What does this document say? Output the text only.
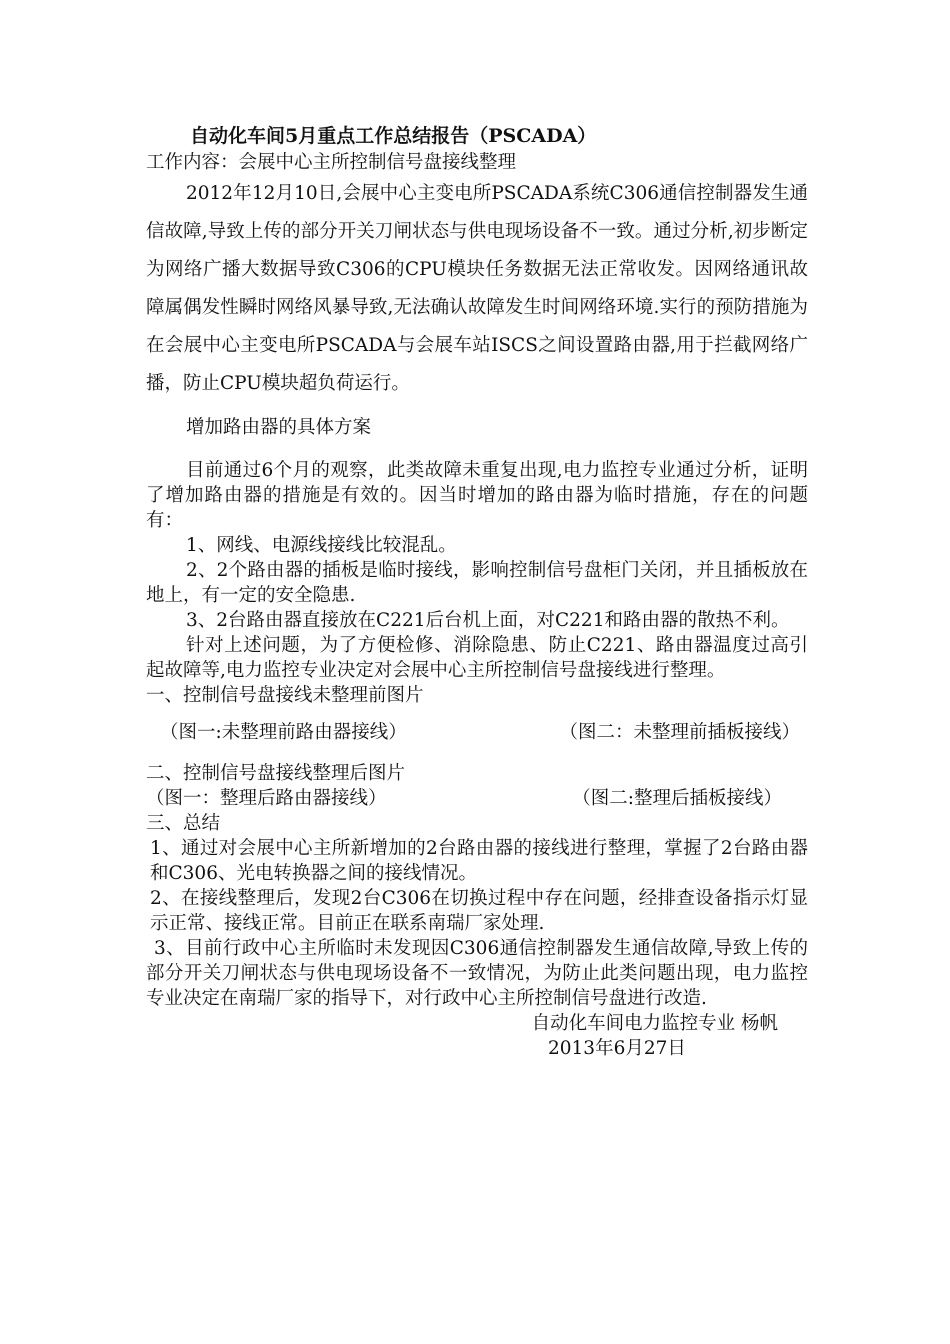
自动化车间5月重点工作总结报告（PSCADA）

工作内容：会展中心主所控制信号盘接线整理

2012年12月10日,会展中心主变电所PSCADA系统C306通信控制器发生通信故障,导致上传的部分开关刀闸状态与供电现场设备不一致。通过分析,初步断定为网络广播大数据导致C306的CPU模块任务数据无法正常收发。因网络通讯故障属偶发性瞬时网络风暴导致,无法确认故障发生时间网络环境.实行的预防措施为在会展中心主变电所PSCADA与会展车站ISCS之间设置路由器,用于拦截网络广播，防止CPU模块超负荷运行。

增加路由器的具体方案

目前通过6个月的观察，此类故障未重复出现,电力监控专业通过分析，证明了增加路由器的措施是有效的。因当时增加的路由器为临时措施，存在的问题有：

1、网线、电源线接线比较混乱。

2、2个路由器的插板是临时接线，影响控制信号盘柜门关闭，并且插板放在地上，有一定的安全隐患.

3、2台路由器直接放在C221后台机上面，对C221和路由器的散热不利。

针对上述问题，为了方便检修、消除隐患、防止C221、路由器温度过高引起故障等,电力监控专业决定对会展中心主所控制信号盘接线进行整理。

一、控制信号盘接线未整理前图片

（图一:未整理前路由器接线）	（图二：未整理前插板接线）

二、控制信号盘接线整理后图片

（图一：整理后路由器接线）	（图二:整理后插板接线）

三、总结

1、通过对会展中心主所新增加的2台路由器的接线进行整理，掌握了2台路由器和C306、光电转换器之间的接线情况。

2、在接线整理后，发现2台C306在切换过程中存在问题，经排查设备指示灯显示正常、接线正常。目前正在联系南瑞厂家处理.

3、目前行政中心主所临时未发现因C306通信控制器发生通信故障,导致上传的部分开关刀闸状态与供电现场设备不一致情况，为防止此类问题出现，电力监控专业决定在南瑞厂家的指导下，对行政中心主所控制信号盘进行改造.

自动化车间电力监控专业 杨帆

2013年6月27日
